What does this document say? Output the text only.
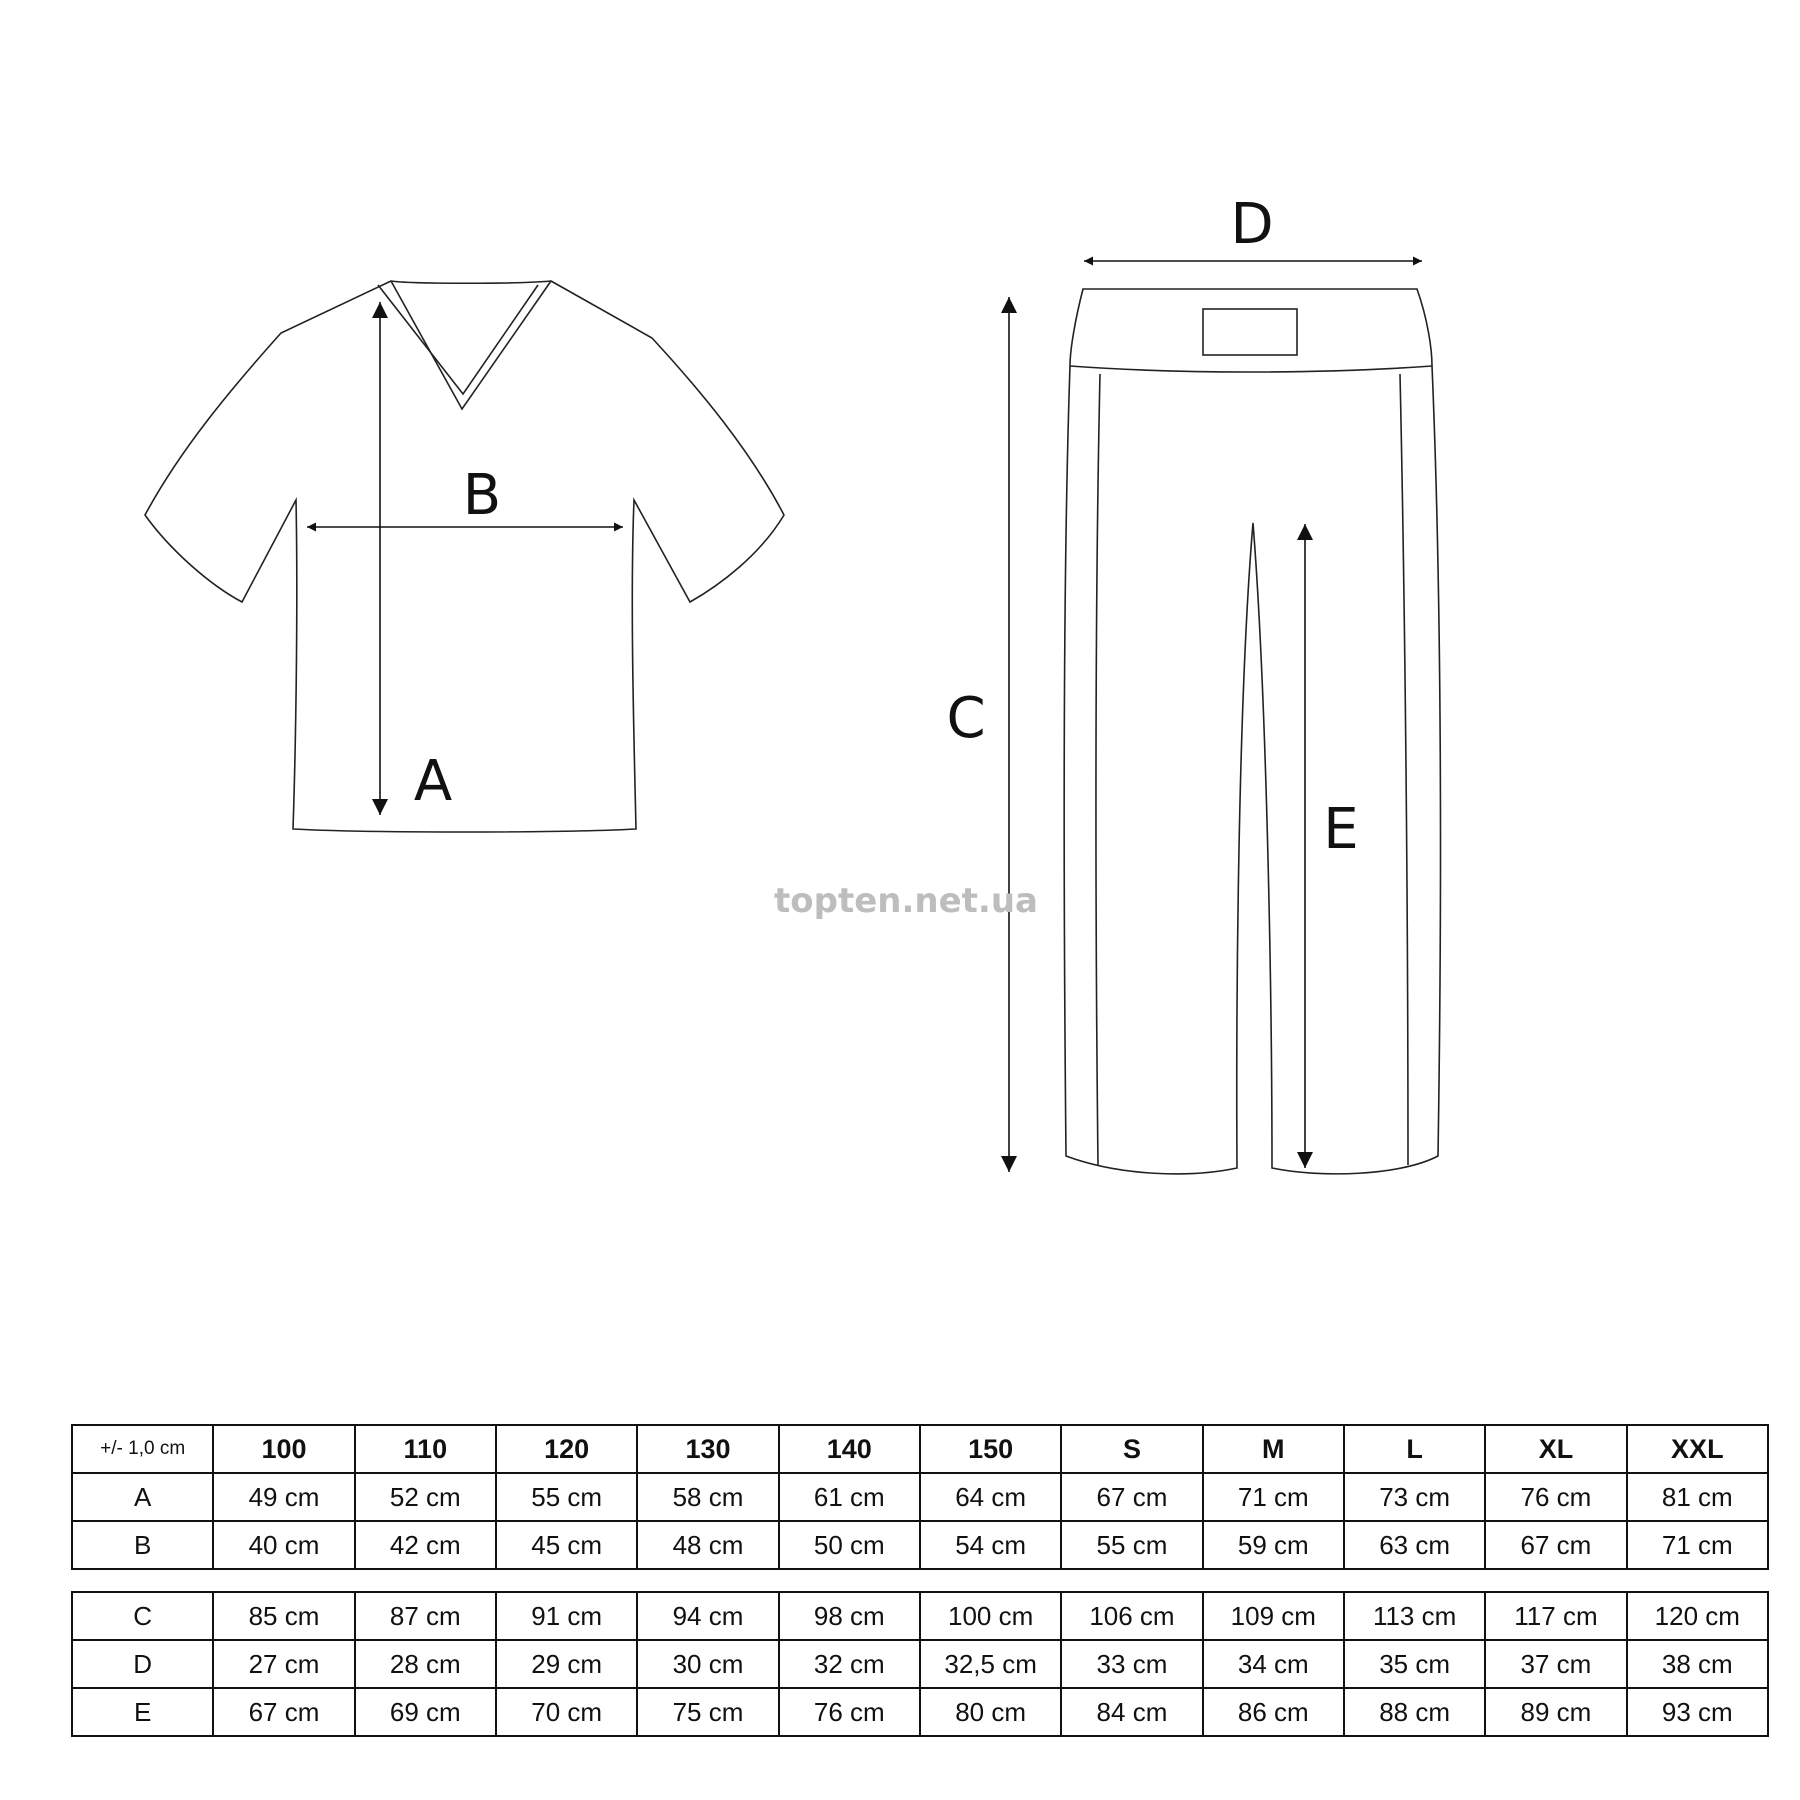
A
B
C
D
E
topten.net.ua
+/- 1,0 cm	100	110	120	130	140	150	S	M	L	XL	XXL
A	49 cm	52 cm	55 cm	58 cm	61 cm	64 cm	67 cm	71 cm	73 cm	76 cm	81 cm
B	40 cm	42 cm	45 cm	48 cm	50 cm	54 cm	55 cm	59 cm	63 cm	67 cm	71 cm
C	85 cm	87 cm	91 cm	94 cm	98 cm	100 cm	106 cm	109 cm	113 cm	117 cm	120 cm
D	27 cm	28 cm	29 cm	30 cm	32 cm	32,5 cm	33 cm	34 cm	35 cm	37 cm	38 cm
E	67 cm	69 cm	70 cm	75 cm	76 cm	80 cm	84 cm	86 cm	88 cm	89 cm	93 cm
